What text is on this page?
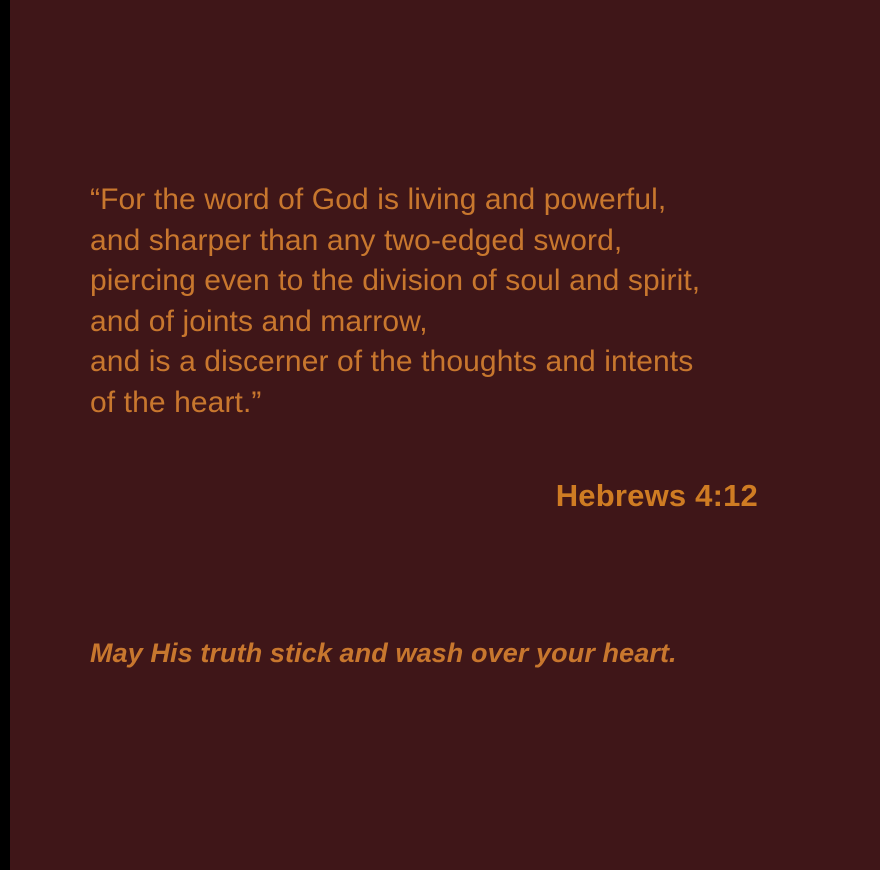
“For the word of God is living and powerful,
and sharper than any two-edged sword,
piercing even to the division of soul and spirit,
and of joints and marrow,
and is a discerner of the thoughts and intents
of the heart.”
Hebrews 4:12
May His truth stick and wash over your heart.
